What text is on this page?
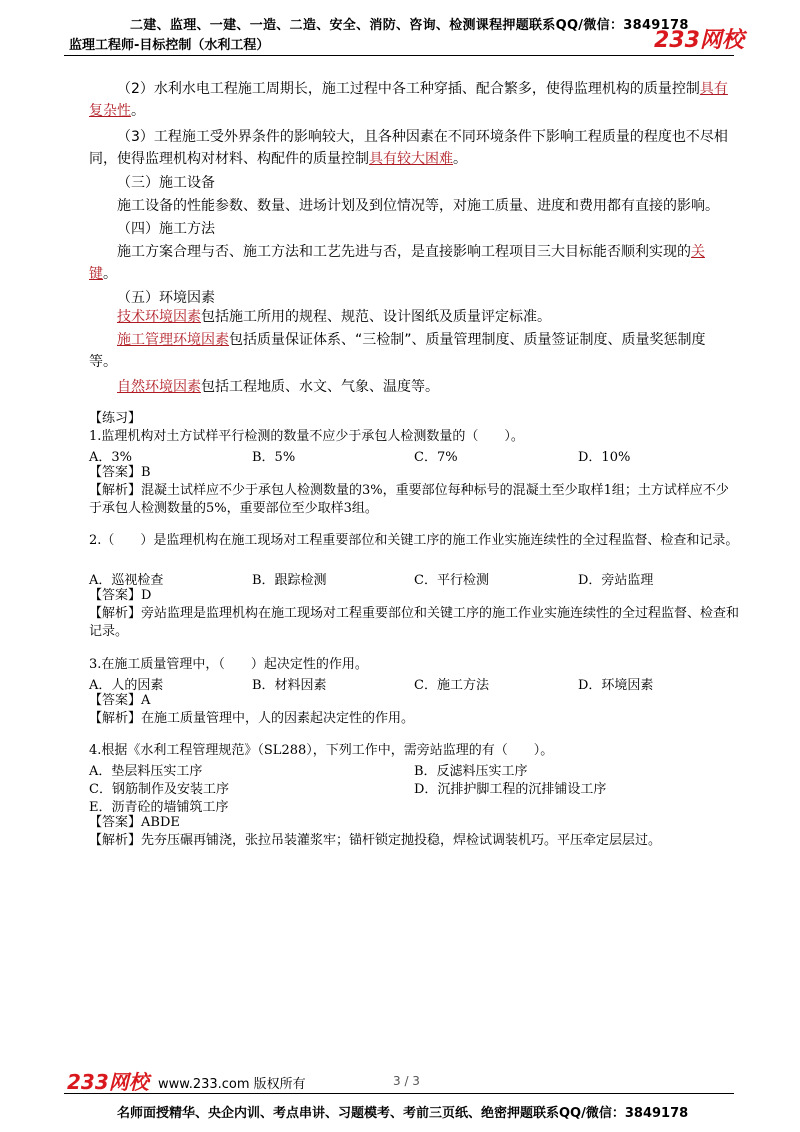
二建、监理、一建、一造、二造、安全、消防、咨询、检测课程押题联系QQ/微信：3849178
监理工程师-目标控制（水利工程）	233网校
（2）水利水电工程施工周期长，施工过程中各工种穿插、配合繁多，使得监理机构的质量控制具有复杂性。
（3）工程施工受外界条件的影响较大，且各种因素在不同环境条件下影响工程质量的程度也不尽相同，使得监理机构对材料、构配件的质量控制具有较大困难。
（三）施工设备
施工设备的性能参数、数量、进场计划及到位情况等，对施工质量、进度和费用都有直接的影响。
（四）施工方法
施工方案合理与否、施工方法和工艺先进与否，是直接影响工程项目三大目标能否顺利实现的关键。
（五）环境因素
技术环境因素包括施工所用的规程、规范、设计图纸及质量评定标准。
施工管理环境因素包括质量保证体系、“三检制”、质量管理制度、质量签证制度、质量奖惩制度等。
自然环境因素包括工程地质、水文、气象、温度等。
【练习】
1.监理机构对土方试样平行检测的数量不应少于承包人检测数量的（　　）。
A．3%	B．5%	C．7%	D．10%
【答案】B
【解析】混凝土试样应不少于承包人检测数量的3%，重要部位每种标号的混凝土至少取样1组；土方试样应不少于承包人检测数量的5%，重要部位至少取样3组。
2.（　　）是监理机构在施工现场对工程重要部位和关键工序的施工作业实施连续性的全过程监督、检查和记录。
A．巡视检查	B．跟踪检测	C．平行检测	D．旁站监理
【答案】D
【解析】旁站监理是监理机构在施工现场对工程重要部位和关键工序的施工作业实施连续性的全过程监督、检查和记录。
3.在施工质量管理中，（　　）起决定性的作用。
A．人的因素	B．材料因素	C．施工方法	D．环境因素
【答案】A
【解析】在施工质量管理中，人的因素起决定性的作用。
4.根据《水利工程管理规范》（SL288），下列工作中，需旁站监理的有（　　）。
A．垫层料压实工序	B．反滤料压实工序
C．钢筋制作及安装工序	D．沉排护脚工程的沉排铺设工序
E．沥青砼的墙铺筑工序
【答案】ABDE
【解析】先夯压碾再铺浇，张拉吊装灌浆牢；锚杆锁定抛投稳，焊检试调装机巧。平压牵定层层过。
233网校 www.233.com 版权所有	3 / 3
名师面授精华、央企内训、考点串讲、习题模考、考前三页纸、绝密押题联系QQ/微信：3849178
